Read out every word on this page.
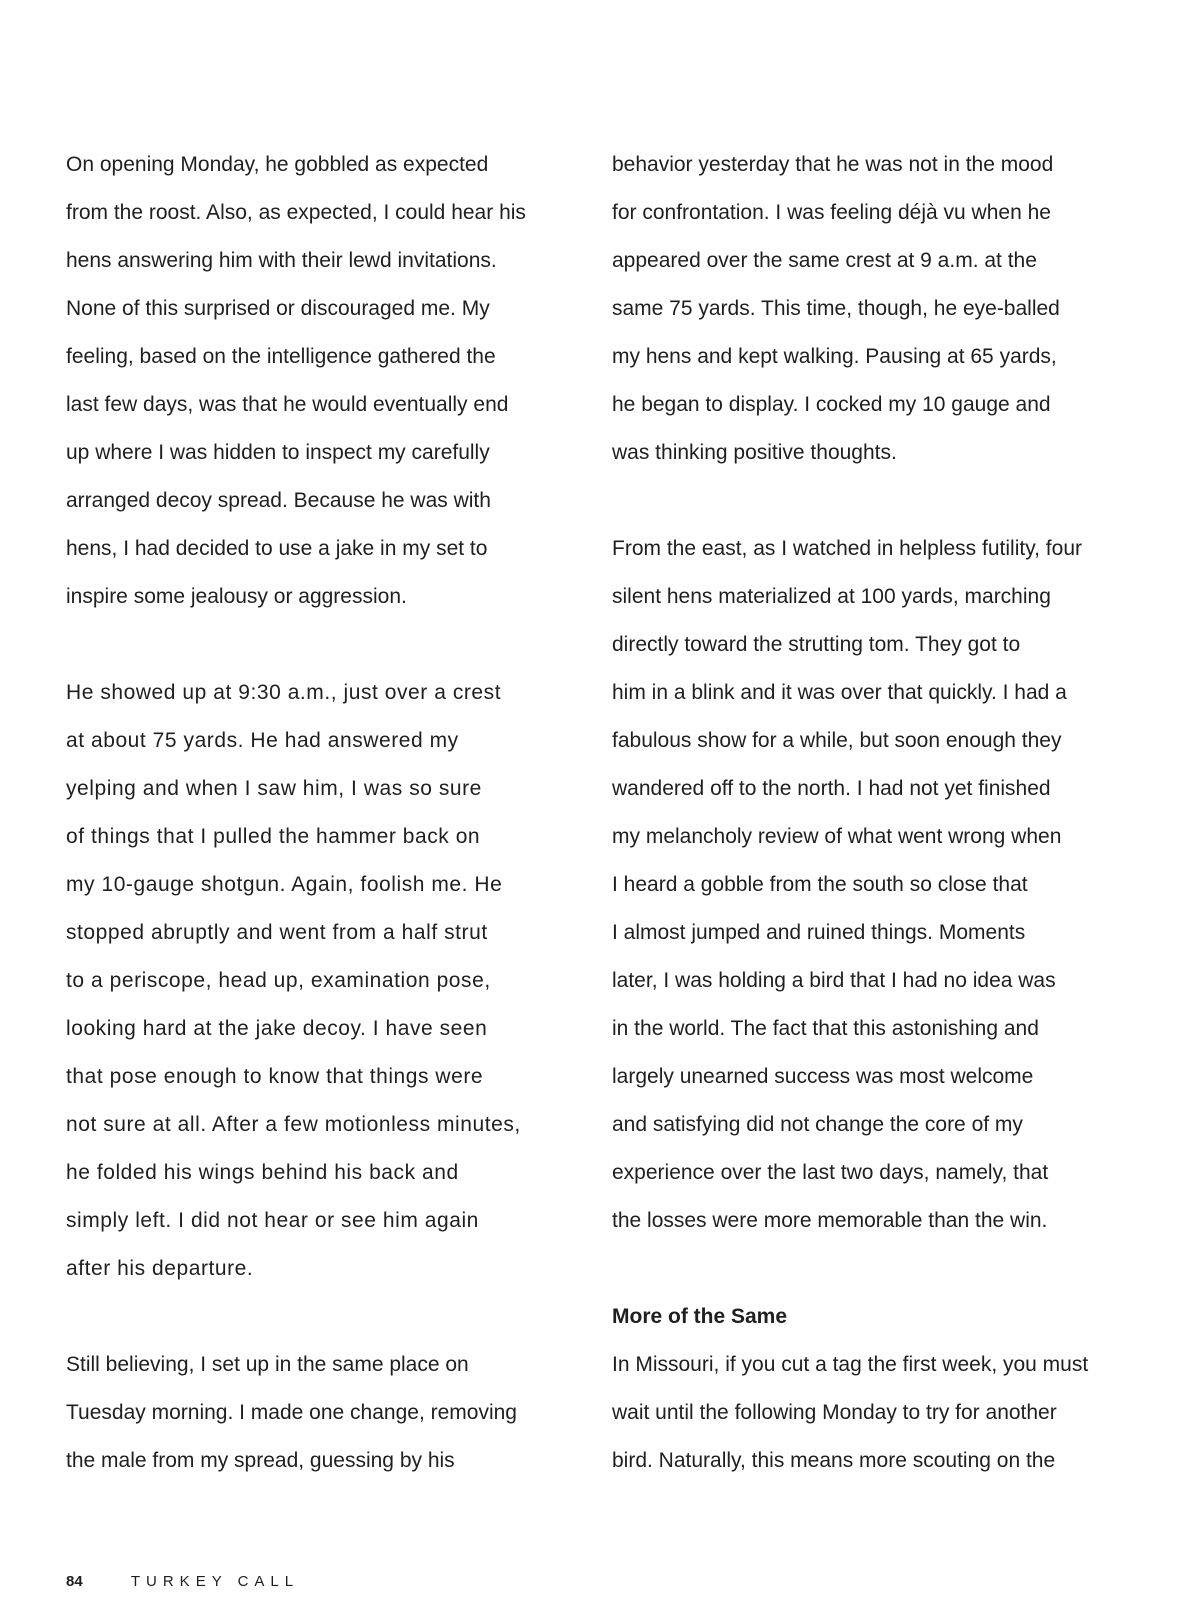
On opening Monday, he gobbled as expected
from the roost. Also, as expected, I could hear his
hens answering him with their lewd invitations.
None of this surprised or discouraged me. My
feeling, based on the intelligence gathered the
last few days, was that he would eventually end
up where I was hidden to inspect my carefully
arranged decoy spread. Because he was with
hens, I had decided to use a jake in my set to
inspire some jealousy or aggression.
He showed up at 9:30 a.m., just over a crest
at about 75 yards. He had answered my
yelping and when I saw him, I was so sure
of things that I pulled the hammer back on
my 10-gauge shotgun. Again, foolish me. He
stopped abruptly and went from a half strut
to a periscope, head up, examination pose,
looking hard at the jake decoy. I have seen
that pose enough to know that things were
not sure at all. After a few motionless minutes,
he folded his wings behind his back and
simply left. I did not hear or see him again
after his departure.
Still believing, I set up in the same place on
Tuesday morning. I made one change, removing
the male from my spread, guessing by his
behavior yesterday that he was not in the mood
for confrontation. I was feeling déjà vu when he
appeared over the same crest at 9 a.m. at the
same 75 yards. This time, though, he eye-balled
my hens and kept walking. Pausing at 65 yards,
he began to display. I cocked my 10 gauge and
was thinking positive thoughts.
From the east, as I watched in helpless futility, four
silent hens materialized at 100 yards, marching
directly toward the strutting tom. They got to
him in a blink and it was over that quickly. I had a
fabulous show for a while, but soon enough they
wandered off to the north. I had not yet finished
my melancholy review of what went wrong when
I heard a gobble from the south so close that
I almost jumped and ruined things. Moments
later, I was holding a bird that I had no idea was
in the world. The fact that this astonishing and
largely unearned success was most welcome
and satisfying did not change the core of my
experience over the last two days, namely, that
the losses were more memorable than the win.
More of the Same
In Missouri, if you cut a tag the first week, you must
wait until the following Monday to try for another
bird. Naturally, this means more scouting on the
84	TURKEY CALL
